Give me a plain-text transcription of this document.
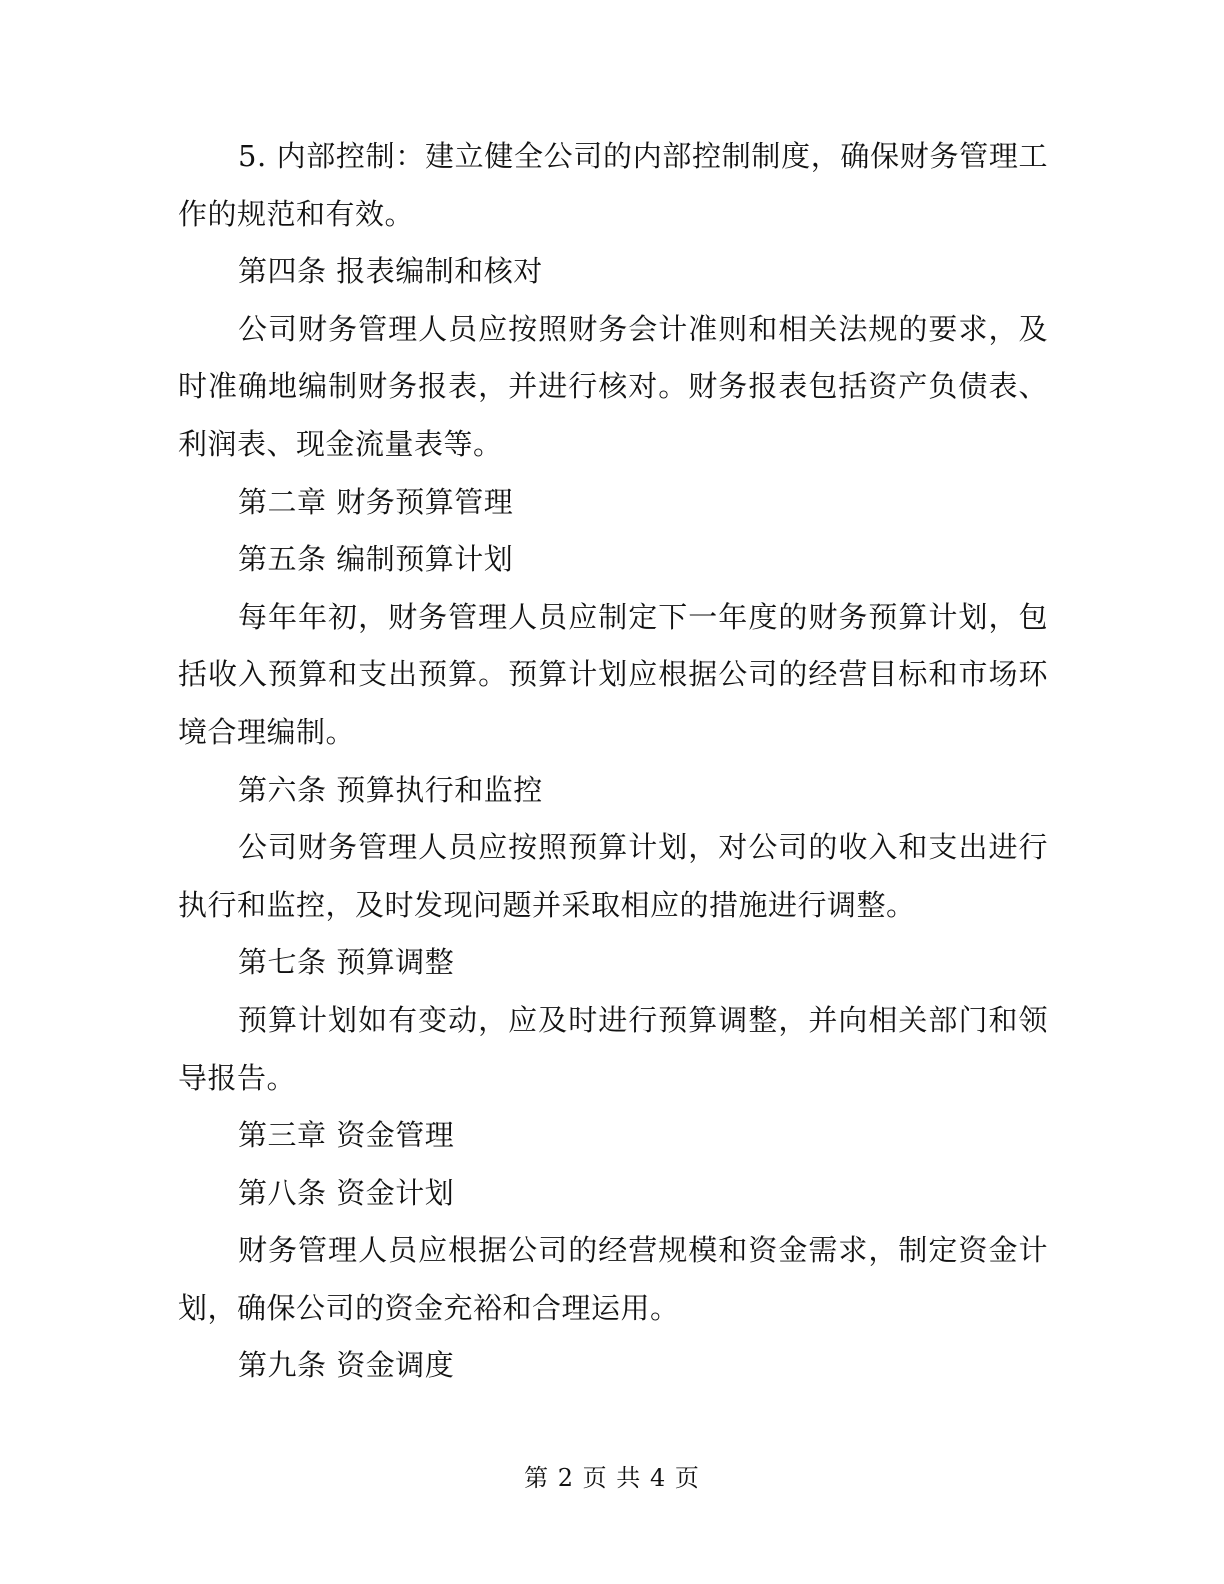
5. 内部控制：建立健全公司的内部控制制度，确保财务管理工作的规范和有效。

第四条 报表编制和核对

公司财务管理人员应按照财务会计准则和相关法规的要求，及时准确地编制财务报表，并进行核对。财务报表包括资产负债表、利润表、现金流量表等。

第二章 财务预算管理

第五条 编制预算计划

每年年初，财务管理人员应制定下一年度的财务预算计划，包括收入预算和支出预算。预算计划应根据公司的经营目标和市场环境合理编制。

第六条 预算执行和监控

公司财务管理人员应按照预算计划，对公司的收入和支出进行执行和监控，及时发现问题并采取相应的措施进行调整。

第七条 预算调整

预算计划如有变动，应及时进行预算调整，并向相关部门和领导报告。

第三章 资金管理

第八条 资金计划

财务管理人员应根据公司的经营规模和资金需求，制定资金计划，确保公司的资金充裕和合理运用。

第九条 资金调度

第 2 页 共 4 页
